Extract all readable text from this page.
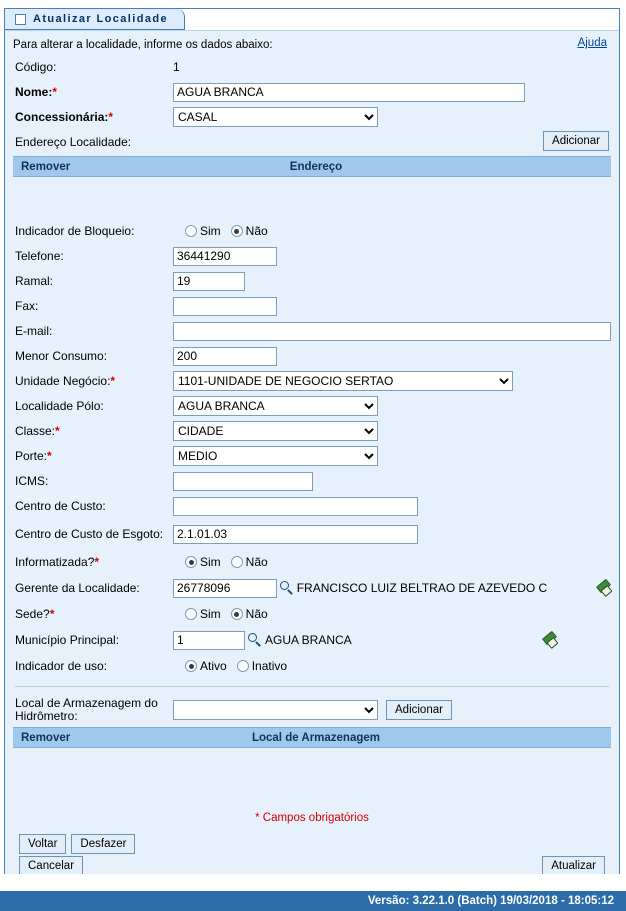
Atualizar Localidade
Para alterar a localidade, informe os dados abaixo:	Ajuda
Código:	1
Nome:*
AGUA BRANCA
Concessionária:*
CASAL
Endereço Localidade:	Adicionar
Remover	Endereço
Indicador de Bloqueio:	Sim Não
Telefone:
36441290
Ramal:
19
Fax:
E-mail:
Menor Consumo:
200
Unidade Negócio:*
1101-UNIDADE DE NEGOCIO SERTAO
Localidade Pólo:
AGUA BRANCA
Classe:*
CIDADE
Porte:*
MEDIO
ICMS:
Centro de Custo:
Centro de Custo de Esgoto:
2.1.01.03
Informatizada?*	Sim Não
Gerente da Localidade:
26778096	FRANCISCO LUIZ BELTRAO DE AZEVEDO C
Sede?*	Sim Não
Município Principal:
1	AGUA BRANCA
Indicador de uso:	Ativo Inativo
Local de Armazenagem do Hidrômetro:	Adicionar
Remover	Local de Armazenagem
* Campos obrigatórios
Voltar	Desfazer
Cancelar	Atualizar
Versão: 3.22.1.0 (Batch) 19/03/2018 - 18:05:12
